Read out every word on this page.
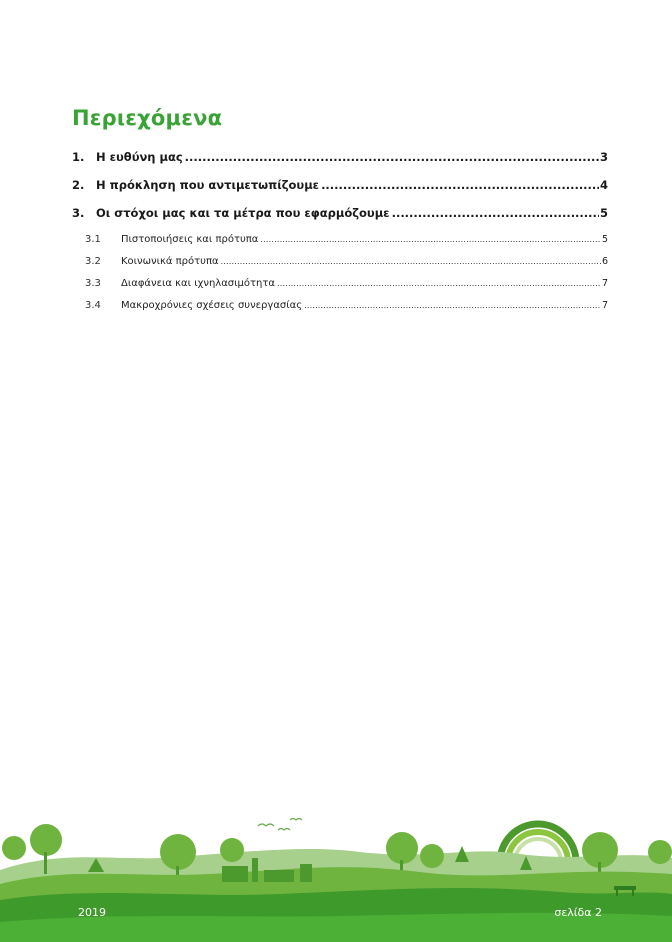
Περιεχόμενα
1.	Η ευθύνη μας .....	3
2.	Η πρόκληση που αντιμετωπίζουμε .....	4
3.	Οι στόχοι μας και τα μέτρα που εφαρμόζουμε .....	5
3.1	Πιστοποιήσεις και πρότυπα .....	5
3.2	Κοινωνικά πρότυπα .....	6
3.3	Διαφάνεια και ιχνηλασιμότητα .....	7
3.4	Μακροχρόνιες σχέσεις συνεργασίας .....	7
2019	σελίδα 2
